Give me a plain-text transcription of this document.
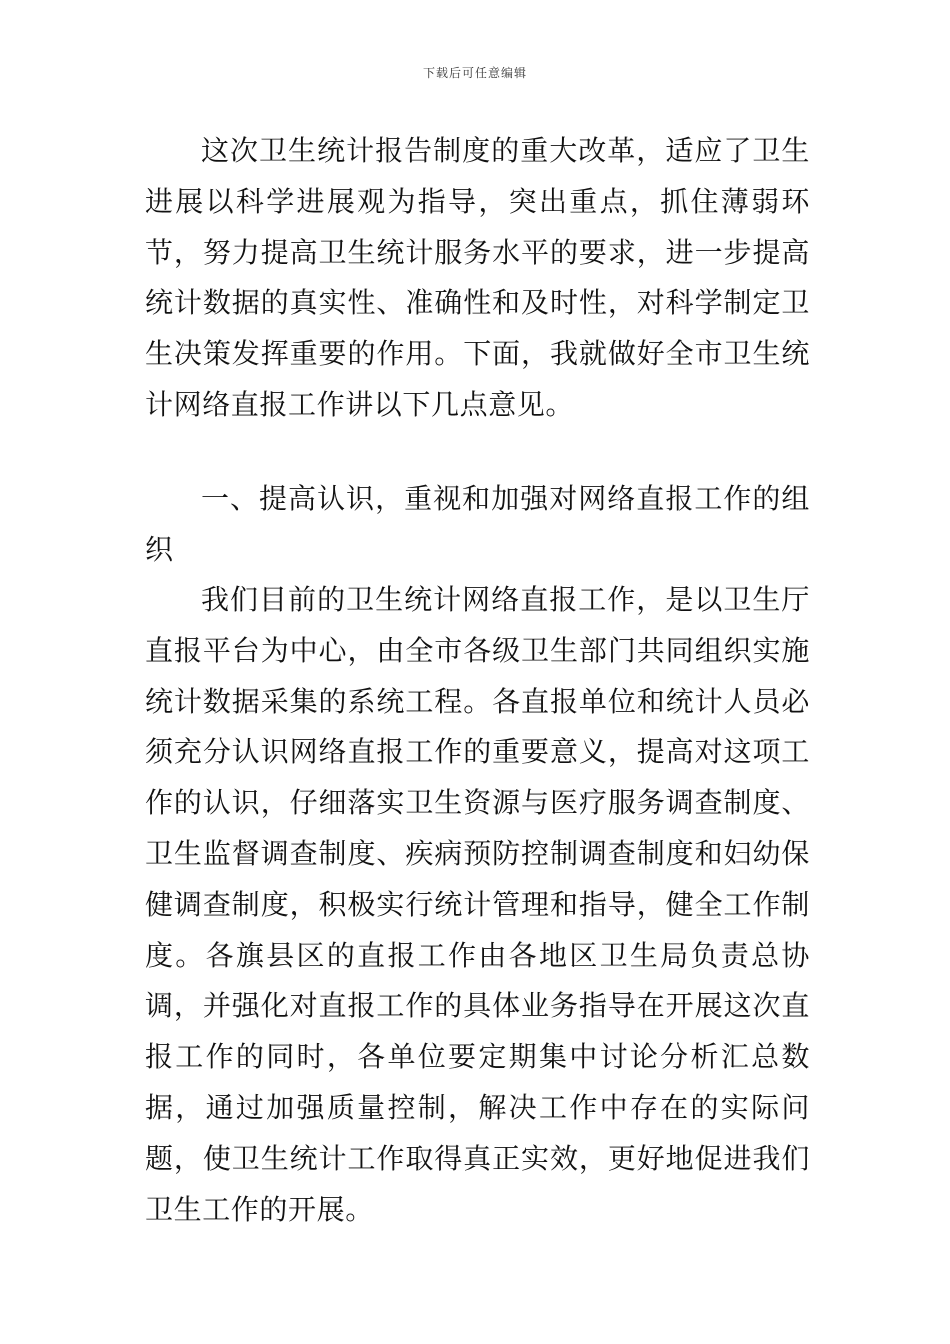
下载后可任意编辑

这次卫生统计报告制度的重大改革，适应了卫生进展以科学进展观为指导，突出重点，抓住薄弱环节，努力提高卫生统计服务水平的要求，进一步提高统计数据的真实性、准确性和及时性，对科学制定卫生决策发挥重要的作用。下面，我就做好全市卫生统计网络直报工作讲以下几点意见。

一、提高认识，重视和加强对网络直报工作的组织

我们目前的卫生统计网络直报工作，是以卫生厅直报平台为中心，由全市各级卫生部门共同组织实施统计数据采集的系统工程。各直报单位和统计人员必须充分认识网络直报工作的重要意义，提高对这项工作的认识，仔细落实卫生资源与医疗服务调查制度、卫生监督调查制度、疾病预防控制调查制度和妇幼保健调查制度，积极实行统计管理和指导，健全工作制度。各旗县区的直报工作由各地区卫生局负责总协调，并强化对直报工作的具体业务指导在开展这次直报工作的同时，各单位要定期集中讨论分析汇总数据，通过加强质量控制，解决工作中存在的实际问题，使卫生统计工作取得真正实效，更好地促进我们卫生工作的开展。
